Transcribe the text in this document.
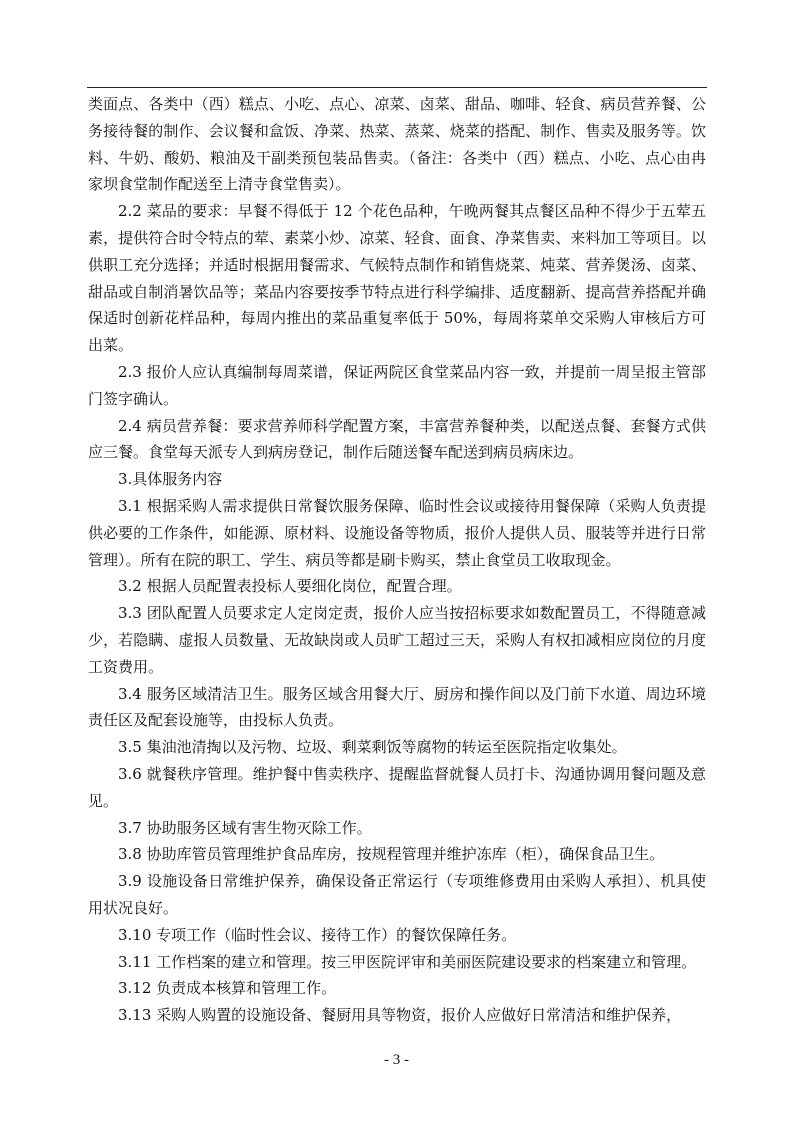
类面点、各类中（西）糕点、小吃、点心、凉菜、卤菜、甜品、咖啡、轻食、病员营养餐、公务接待餐的制作、会议餐和盒饭、净菜、热菜、蒸菜、烧菜的搭配、制作、售卖及服务等。饮料、牛奶、酸奶、粮油及干副类预包装品售卖。（备注：各类中（西）糕点、小吃、点心由冉家坝食堂制作配送至上清寺食堂售卖）。

2.2 菜品的要求：早餐不得低于 12 个花色品种，午晚两餐其点餐区品种不得少于五荤五素，提供符合时令特点的荤、素菜小炒、凉菜、轻食、面食、净菜售卖、来料加工等项目。以供职工充分选择；并适时根据用餐需求、气候特点制作和销售烧菜、炖菜、营养煲汤、卤菜、甜品或自制消暑饮品等；菜品内容要按季节特点进行科学编排、适度翻新、提高营养搭配并确保适时创新花样品种，每周内推出的菜品重复率低于 50%，每周将菜单交采购人审核后方可出菜。

2.3 报价人应认真编制每周菜谱，保证两院区食堂菜品内容一致，并提前一周呈报主管部门签字确认。

2.4 病员营养餐：要求营养师科学配置方案，丰富营养餐种类，以配送点餐、套餐方式供应三餐。食堂每天派专人到病房登记，制作后随送餐车配送到病员病床边。

3.具体服务内容

3.1 根据采购人需求提供日常餐饮服务保障、临时性会议或接待用餐保障（采购人负责提供必要的工作条件，如能源、原材料、设施设备等物质，报价人提供人员、服装等并进行日常管理）。所有在院的职工、学生、病员等都是刷卡购买，禁止食堂员工收取现金。

3.2 根据人员配置表投标人要细化岗位，配置合理。

3.3 团队配置人员要求定人定岗定责，报价人应当按招标要求如数配置员工，不得随意减少，若隐瞒、虚报人员数量、无故缺岗或人员旷工超过三天，采购人有权扣减相应岗位的月度工资费用。

3.4 服务区域清洁卫生。服务区域含用餐大厅、厨房和操作间以及门前下水道、周边环境责任区及配套设施等，由投标人负责。

3.5 集油池清掏以及污物、垃圾、剩菜剩饭等腐物的转运至医院指定收集处。

3.6 就餐秩序管理。维护餐中售卖秩序、提醒监督就餐人员打卡、沟通协调用餐问题及意见。

3.7 协助服务区域有害生物灭除工作。

3.8 协助库管员管理维护食品库房，按规程管理并维护冻库（柜），确保食品卫生。

3.9 设施设备日常维护保养，确保设备正常运行（专项维修费用由采购人承担）、机具使用状况良好。

3.10 专项工作（临时性会议、接待工作）的餐饮保障任务。

3.11 工作档案的建立和管理。按三甲医院评审和美丽医院建设要求的档案建立和管理。

3.12 负责成本核算和管理工作。

3.13 采购人购置的设施设备、餐厨用具等物资，报价人应做好日常清洁和维护保养，

- 3 -
